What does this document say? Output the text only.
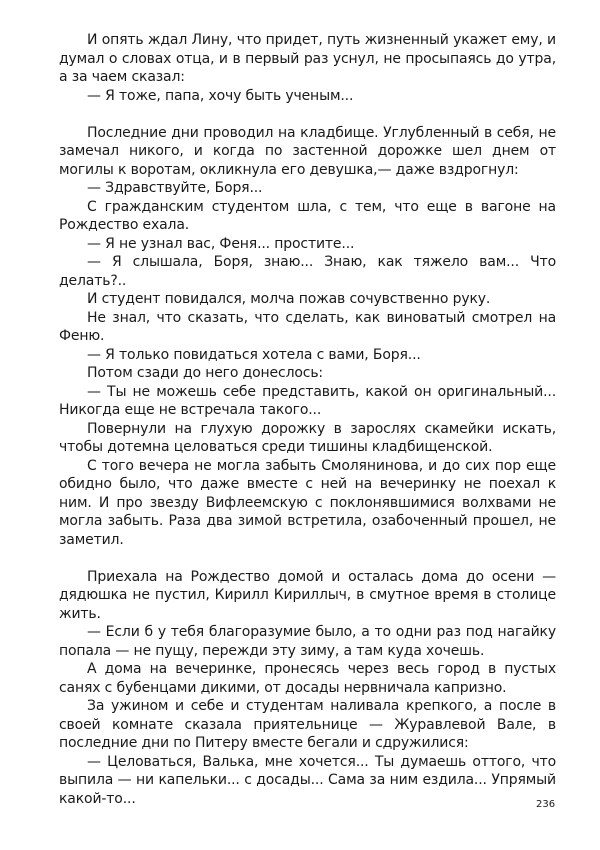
И опять ждал Лину, что придет, путь жизненный укажет ему, и думал о словах отца, и в первый раз уснул, не просыпаясь до утра, а за чаем сказал:

— Я тоже, папа, хочу быть ученым...

Последние дни проводил на кладбище. Углубленный в себя, не замечал никого, и когда по застенной дорожке шел днем от могилы к воротам, окликнула его девушка,— даже вздрогнул:

— Здравствуйте, Боря...

С гражданским студентом шла, с тем, что еще в вагоне на Рождество ехала.

— Я не узнал вас, Феня... простите...

— Я слышала, Боря, знаю... Знаю, как тяжело вам... Что делать?..

И студент повидался, молча пожав сочувственно руку.

Не знал, что сказать, что сделать, как виноватый смотрел на Феню.

— Я только повидаться хотела с вами, Боря...

Потом сзади до него донеслось:

— Ты не можешь себе представить, какой он оригинальный... Никогда еще не встречала такого...

Повернули на глухую дорожку в зарослях скамейки искать, чтобы дотемна целоваться среди тишины кладбищенской.

С того вечера не могла забыть Смолянинова, и до сих пор еще обидно было, что даже вместе с ней на вечеринку не поехал к ним. И про звезду Вифлеемскую с поклонявшимися волхвами не могла забыть. Раза два зимой встретила, озабоченный прошел, не заметил.

Приехала на Рождество домой и осталась дома до осени — дядюшка не пустил, Кирилл Кириллыч, в смутное время в столице жить.

— Если б у тебя благоразумие было, а то одни раз под нагайку попала — не пущу, пережди эту зиму, а там куда хочешь.

А дома на вечеринке, пронесясь через весь город в пустых санях с бубенцами дикими, от досады нервничала капризно.

За ужином и себе и студентам наливала крепкого, а после в своей комнате сказала приятельнице — Журавлевой Вале, в последние дни по Питеру вместе бегали и сдружилися:

— Целоваться, Валька, мне хочется... Ты думаешь оттого, что выпила — ни капельки... с досады... Сама за ним ездила... Упрямый какой-то...	236
